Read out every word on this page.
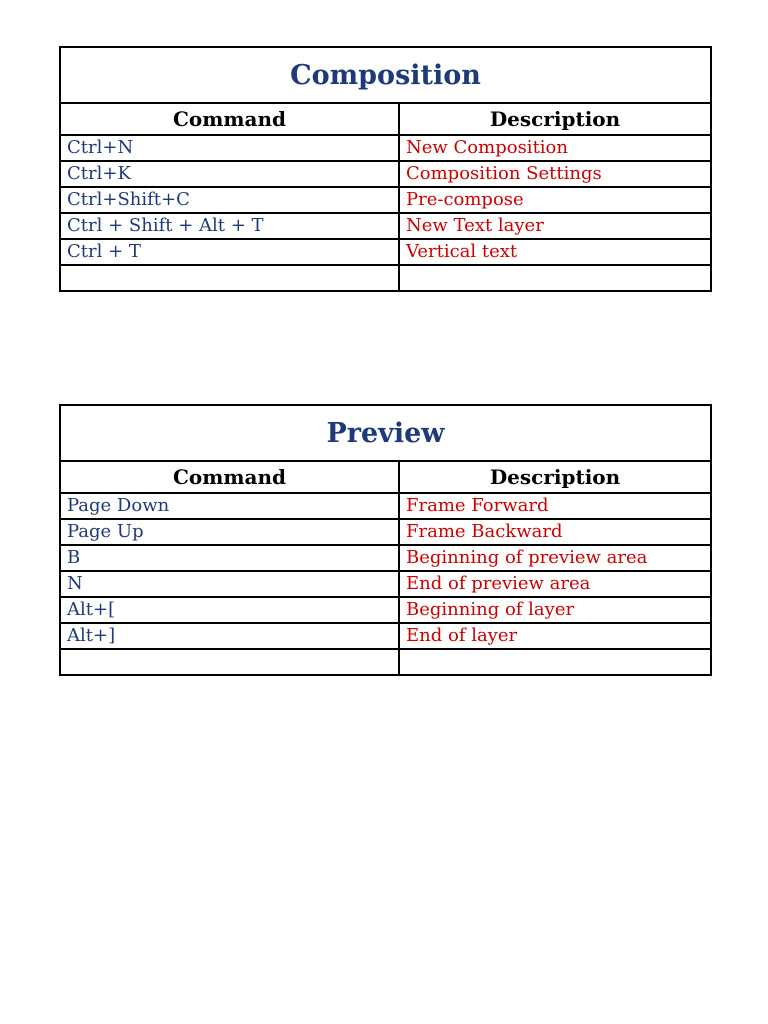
Composition	
Command	Description
Ctrl+N	New Composition
Ctrl+K	Composition Settings
Ctrl+Shift+C	Pre-compose
Ctrl + Shift + Alt + T	New Text layer
Ctrl + T	Vertical text

Preview	
Command	Description
Page Down	Frame Forward
Page Up	Frame Backward
B	Beginning of preview area
N	End of preview area
Alt+[	Beginning of layer
Alt+]	End of layer
